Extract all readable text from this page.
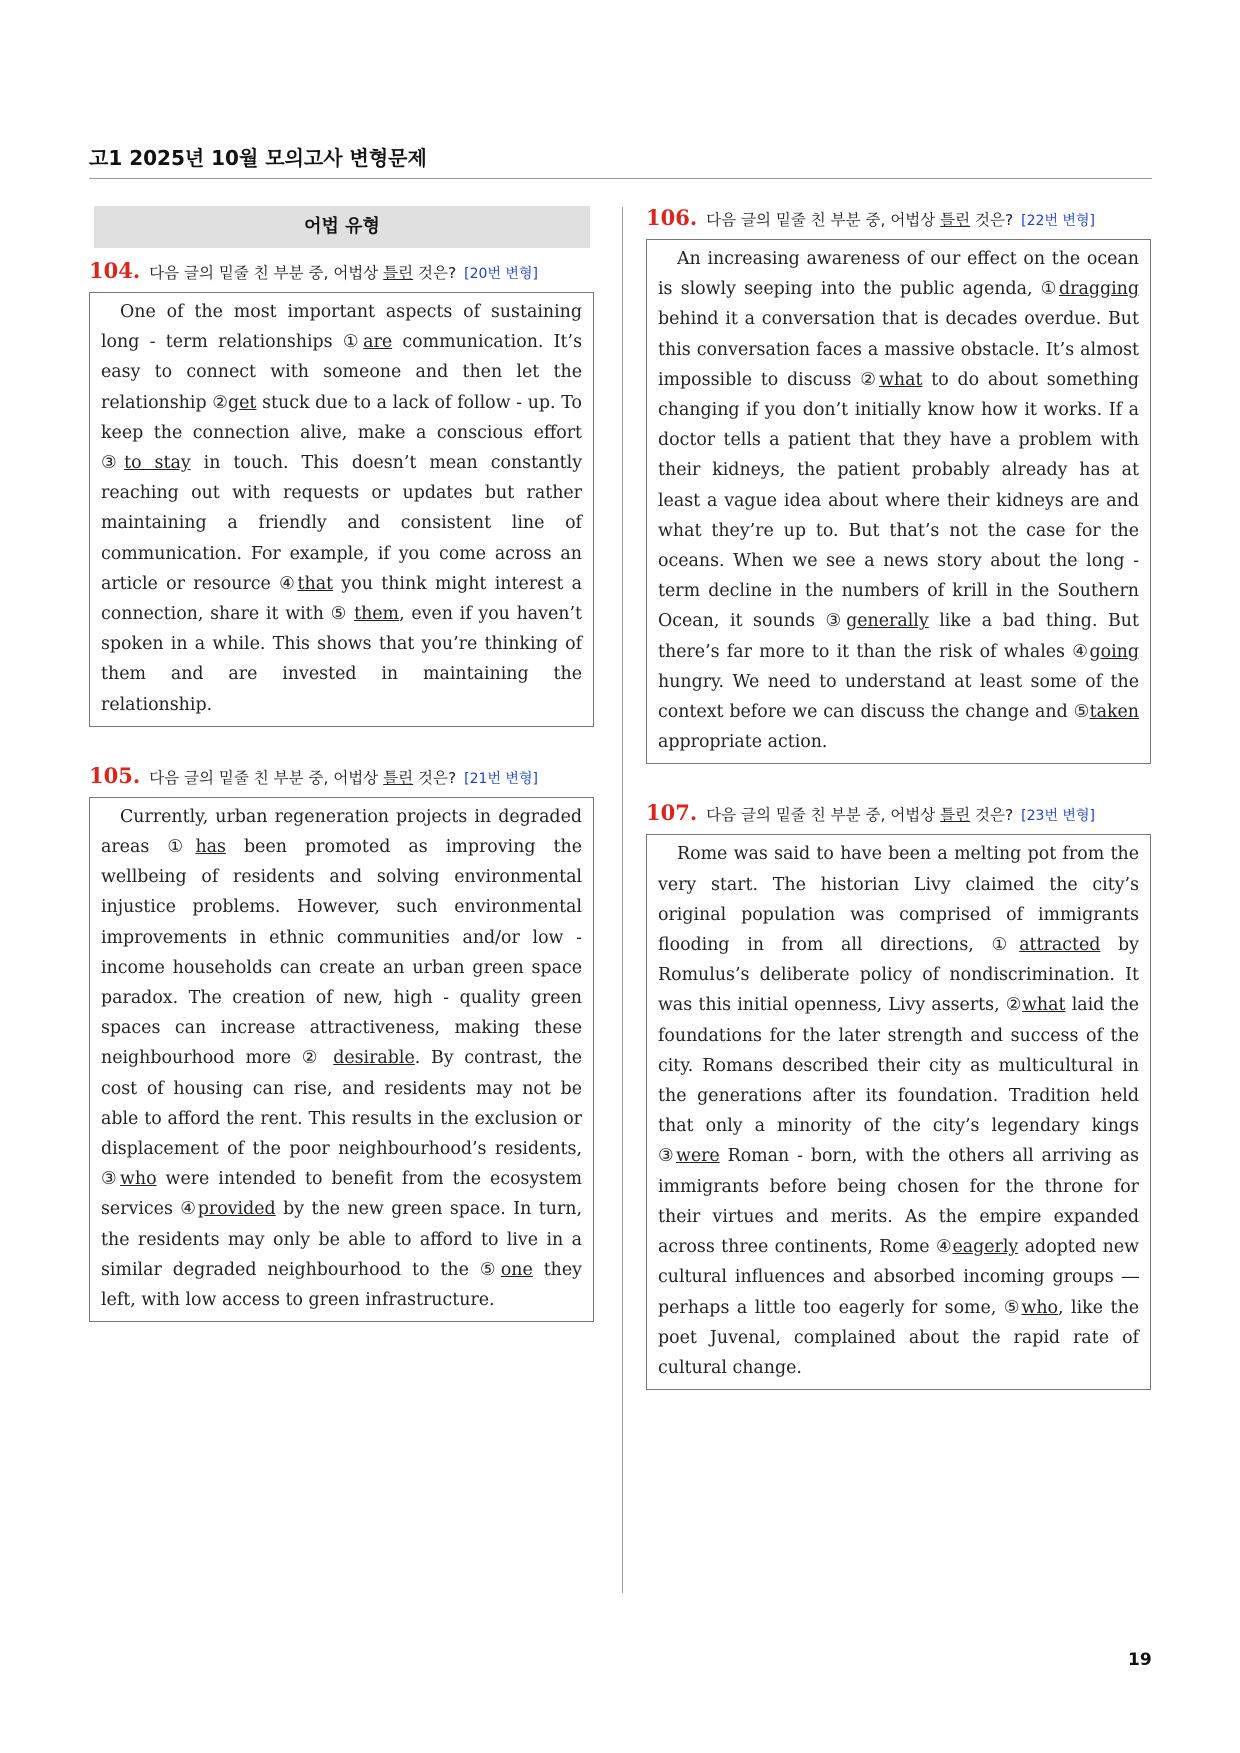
고1 2025년 10월 모의고사 변형문제
어법 유형
104. 다음 글의 밑줄 친 부분 중, 어법상 틀린 것은? [20번 변형]

One of the most important aspects of sustaining long - term relationships ①are communication. It’s easy to connect with someone and then let the relationship ②get stuck due to a lack of follow - up. To keep the connection alive, make a conscious effort ③to stay in touch. This doesn’t mean constantly reaching out with requests or updates but rather maintaining a friendly and consistent line of communication. For example, if you come across an article or resource ④that you think might interest a connection, share it with ⑤ them, even if you haven’t spoken in a while. This shows that you’re thinking of them and are invested in maintaining the relationship.

105. 다음 글의 밑줄 친 부분 중, 어법상 틀린 것은? [21번 변형]

Currently, urban regeneration projects in degraded areas ①has been promoted as improving the wellbeing of residents and solving environmental injustice problems. However, such environmental improvements in ethnic communities and/or low - income households can create an urban green space paradox. The creation of new, high - quality green spaces can increase attractiveness, making these neighbourhood more ② desirable. By contrast, the cost of housing can rise, and residents may not be able to afford the rent. This results in the exclusion or displacement of the poor neighbourhood’s residents, ③who were intended to benefit from the ecosystem services ④provided by the new green space. In turn, the residents may only be able to afford to live in a similar degraded neighbourhood to the ⑤one they left, with low access to green infrastructure.

106. 다음 글의 밑줄 친 부분 중, 어법상 틀린 것은? [22번 변형]

An increasing awareness of our effect on the ocean is slowly seeping into the public agenda, ①dragging behind it a conversation that is decades overdue. But this conversation faces a massive obstacle. It’s almost impossible to discuss ②what to do about something changing if you don’t initially know how it works. If a doctor tells a patient that they have a problem with their kidneys, the patient probably already has at least a vague idea about where their kidneys are and what they’re up to. But that’s not the case for the oceans. When we see a news story about the long - term decline in the numbers of krill in the Southern Ocean, it sounds ③generally like a bad thing. But there’s far more to it than the risk of whales ④going hungry. We need to understand at least some of the context before we can discuss the change and ⑤taken appropriate action.

107. 다음 글의 밑줄 친 부분 중, 어법상 틀린 것은? [23번 변형]

Rome was said to have been a melting pot from the very start. The historian Livy claimed the city’s original population was comprised of immigrants flooding in from all directions, ①attracted by Romulus’s deliberate policy of nondiscrimination. It was this initial openness, Livy asserts, ②what laid the foundations for the later strength and success of the city. Romans described their city as multicultural in the generations after its foundation. Tradition held that only a minority of the city’s legendary kings ③were Roman - born, with the others all arriving as immigrants before being chosen for the throne for their virtues and merits. As the empire expanded across three continents, Rome ④eagerly adopted new cultural influences and absorbed incoming groups ― perhaps a little too eagerly for some, ⑤who, like the poet Juvenal, complained about the rapid rate of cultural change.

19
